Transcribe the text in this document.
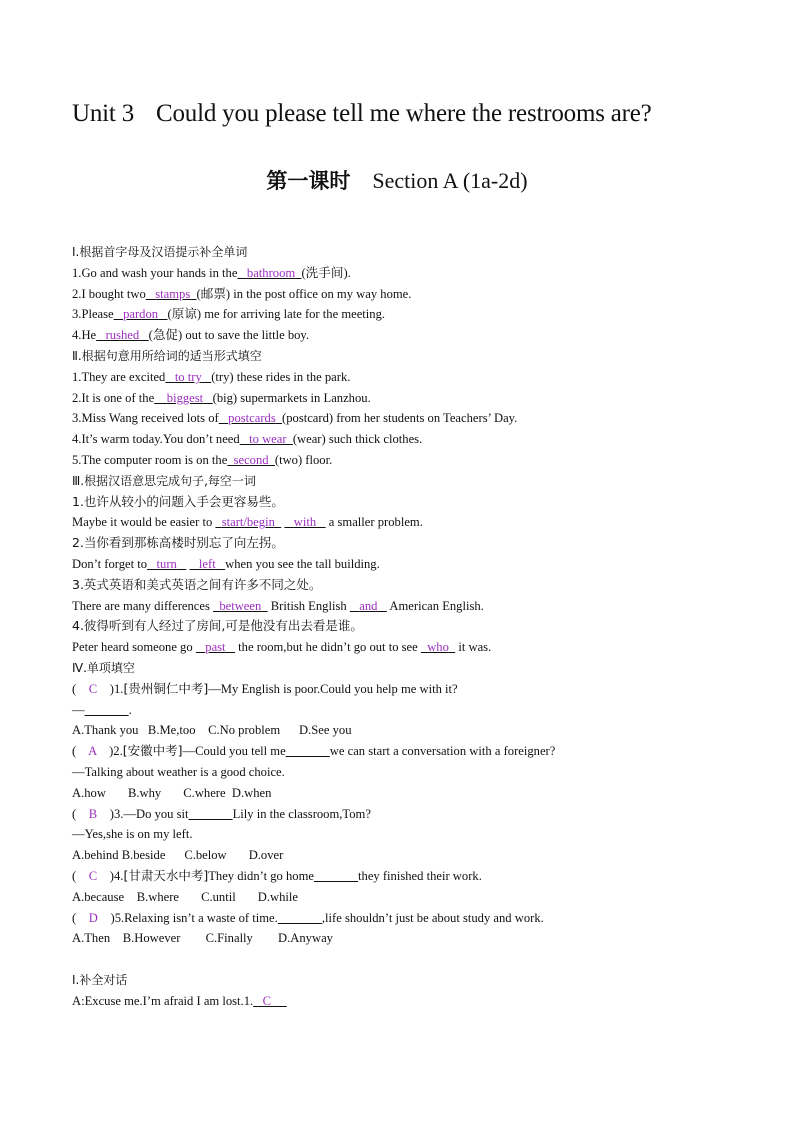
Unit 3 Could you please tell me where the restrooms are?
第一课时 Section A (1a-2d)
Ⅰ.根据首字母及汉语提示补全单词
1.Go and wash your hands in the bathroom (洗手间).
2.I bought two stamps (邮票) in the post office on my way home.
3.Please pardon (原谅) me for arriving late for the meeting.
4.He rushed (急促) out to save the little boy.
Ⅱ.根据句意用所给词的适当形式填空
1.They are excited to try (try) these rides in the park.
2.It is one of the biggest (big) supermarkets in Lanzhou.
3.Miss Wang received lots of postcards (postcard) from her students on Teachers’ Day.
4.It’s warm today.You don’t need to wear (wear) such thick clothes.
5.The computer room is on the second (two) floor.
Ⅲ.根据汉语意思完成句子,每空一词
1.也许从较小的问题入手会更容易些。
Maybe it would be easier to start/begin with a smaller problem.
2.当你看到那栋高楼时别忘了向左拐。
Don’t forget to turn left when you see the tall building.
3.英式英语和美式英语之间有许多不同之处。
There are many differences between British English and American English.
4.彼得听到有人经过了房间,可是他没有出去看是谁。
Peter heard someone go past the room,but he didn’t go out to see who it was.
Ⅳ.单项填空
(    C )1.[贵州铜仁中考]—My English is poor.Could you help me with it?
—	.
A.Thank you B.Me,too C.No problem D.See you
(    A )2.[安徽中考]—Could you tell me	we can start a conversation with a foreigner?
—Talking about weather is a good choice.
A.how B.why C.where D.when
(    B )3.—Do you sit	Lily in the classroom,Tom?
—Yes,she is on my left.
A.behind B.beside C.below D.over
(    C )4.[甘肃天水中考]They didn’t go home	they finished their work.
A.because B.where C.until D.while
(    D )5.Relaxing isn’t a waste of time.	,life shouldn’t just be about study and work.
A.Then B.However C.Finally D.Anyway
Ⅰ.补全对话
A:Excuse me.I’m afraid I am lost.1. C
